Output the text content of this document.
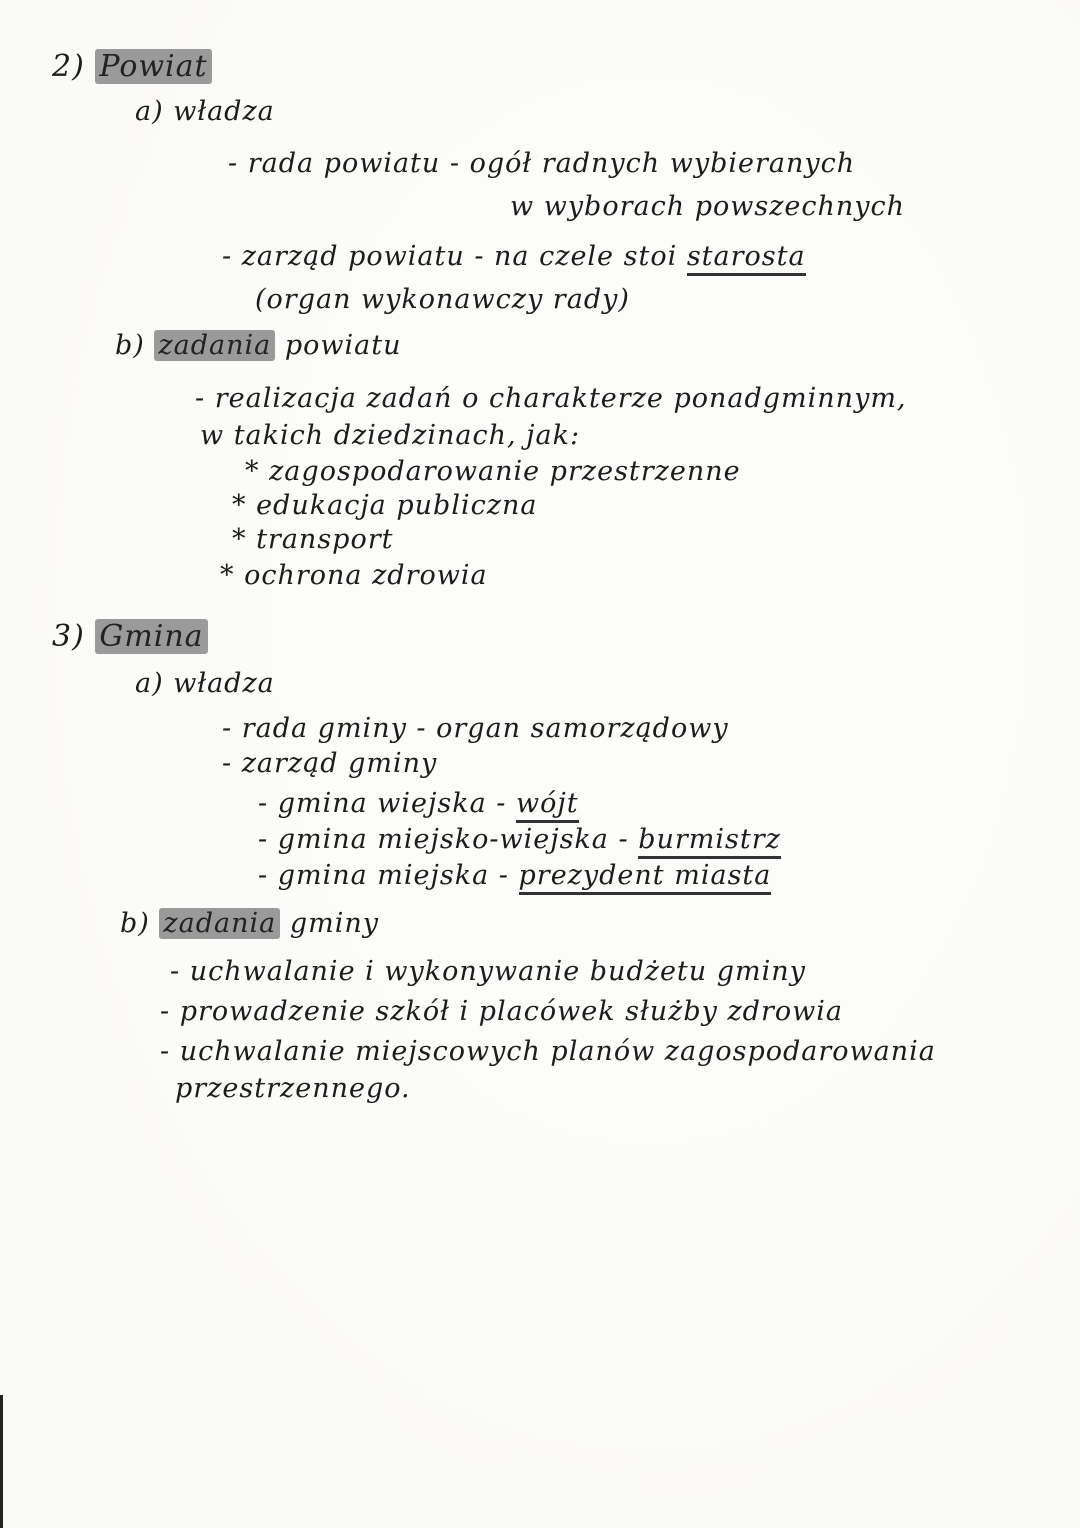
2) Powiat
a) władza
- rada powiatu - ogół radnych wybieranych
w wyborach powszechnych
- zarząd powiatu - na czele stoi starosta
(organ wykonawczy rady)
b) zadania powiatu
- realizacja zadań o charakterze ponadgminnym,
w takich dziedzinach, jak:
* zagospodarowanie przestrzenne
* edukacja publiczna
* transport
* ochrona zdrowia
3) Gmina
a) władza
- rada gminy - organ samorządowy
- zarząd gminy
- gmina wiejska - wójt
- gmina miejsko-wiejska - burmistrz
- gmina miejska - prezydent miasta
b) zadania gminy
- uchwalanie i wykonywanie budżetu gminy
- prowadzenie szkół i placówek służby zdrowia
- uchwalanie miejscowych planów zagospodarowania
przestrzennego.
